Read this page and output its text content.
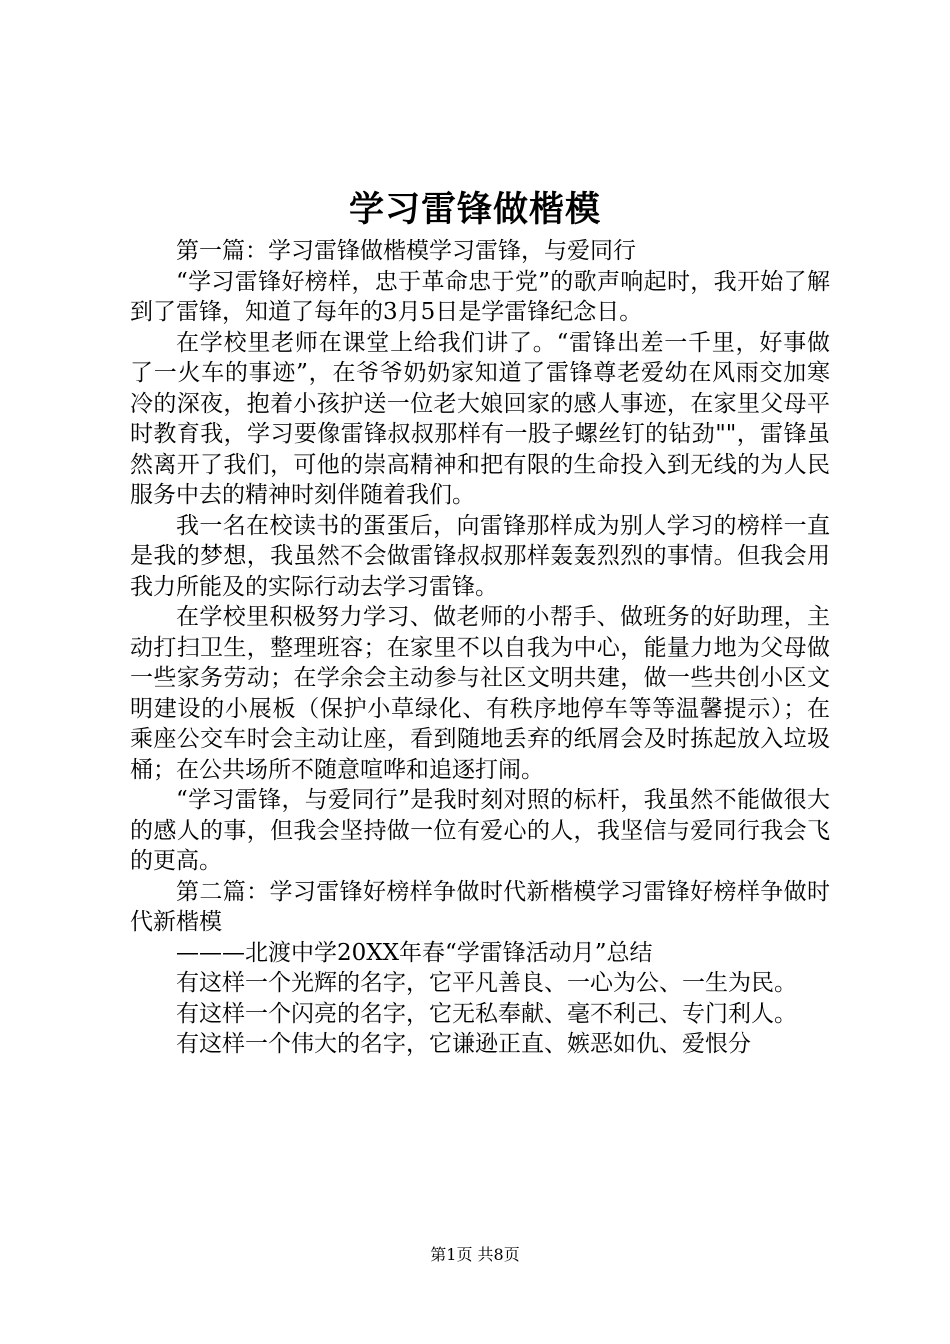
学习雷锋做楷模

第一篇：学习雷锋做楷模学习雷锋，与爱同行

“学习雷锋好榜样，忠于革命忠于党”的歌声响起时，我开始了解到了雷锋，知道了每年的3月5日是学雷锋纪念日。

在学校里老师在课堂上给我们讲了。“雷锋出差一千里，好事做了一火车的事迹”，在爷爷奶奶家知道了雷锋尊老爱幼在风雨交加寒冷的深夜，抱着小孩护送一位老大娘回家的感人事迹，在家里父母平时教育我，学习要像雷锋叔叔那样有一股子螺丝钉的钻劲""，雷锋虽然离开了我们，可他的崇高精神和把有限的生命投入到无线的为人民服务中去的精神时刻伴随着我们。

我一名在校读书的蛋蛋后，向雷锋那样成为别人学习的榜样一直是我的梦想，我虽然不会做雷锋叔叔那样轰轰烈烈的事情。但我会用我力所能及的实际行动去学习雷锋。

在学校里积极努力学习、做老师的小帮手、做班务的好助理，主动打扫卫生，整理班容；在家里不以自我为中心，能量力地为父母做一些家务劳动；在学余会主动参与社区文明共建，做一些共创小区文明建设的小展板（保护小草绿化、有秩序地停车等等温馨提示）；在乘座公交车时会主动让座，看到随地丢弃的纸屑会及时拣起放入垃圾桶；在公共场所不随意喧哗和追逐打闹。

“学习雷锋，与爱同行”是我时刻对照的标杆，我虽然不能做很大的感人的事，但我会坚持做一位有爱心的人，我坚信与爱同行我会飞的更高。

第二篇：学习雷锋好榜样争做时代新楷模学习雷锋好榜样争做时代新楷模

———北渡中学20XX年春“学雷锋活动月”总结

有这样一个光辉的名字，它平凡善良、一心为公、一生为民。

有这样一个闪亮的名字，它无私奉献、毫不利己、专门利人。

有这样一个伟大的名字，它谦逊正直、嫉恶如仇、爱恨分

第1页 共8页
